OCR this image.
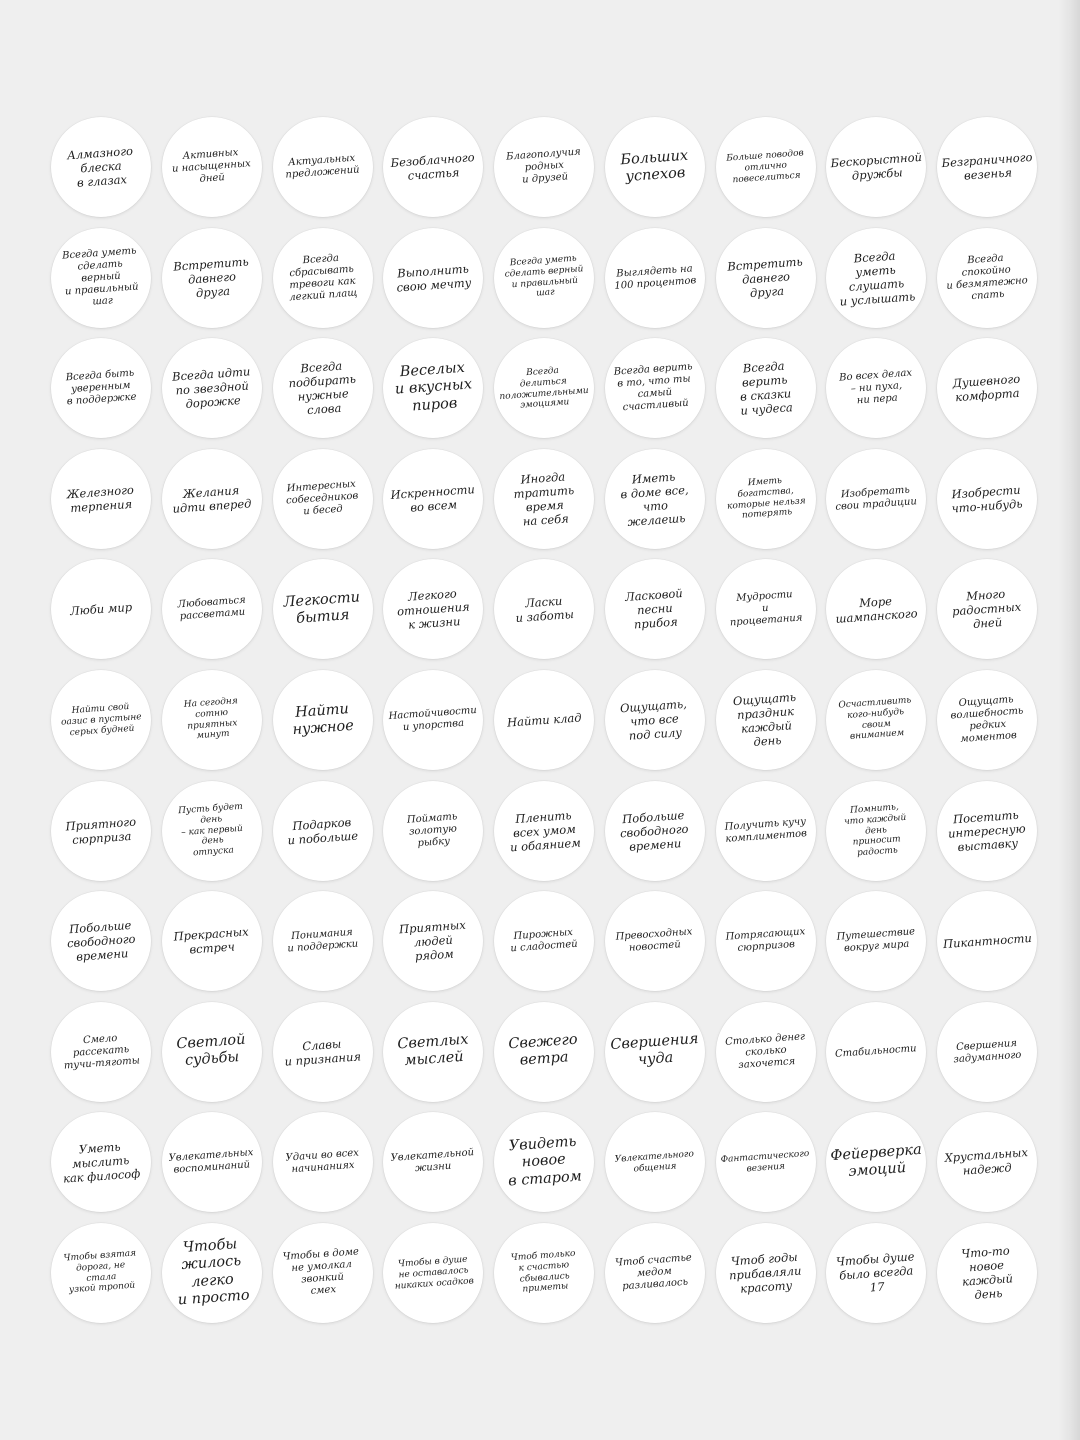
Алмазного
блеска
в глазах
Активных
и насыщенных
дней
Актуальных
предложений
Безоблачного
счастья
Благополучия
родных
и друзей
Больших
успехов
Больше поводов
отлично
повеселиться
Бескорыстной
дружбы
Безграничного
везенья
Всегда уметь
сделать верный
и правильный
шаг
Встретить
давнего друга
Всегда
сбрасывать
тревоги как
легкий плащ
Выполнить
свою мечту
Всегда уметь
сделать верный
и правильный
шаг
Выглядеть на
100 процентов
Встретить
давнего друга
Всегда уметь
слушать
и услышать
Всегда
спокойно
и безмятежно
спать
Всегда быть
уверенным
в поддержке
Всегда идти
по звездной
дорожке
Всегда
подбирать
нужные
слова
Веселых
и вкусных
пиров
Всегда
делиться
положительными
эмоциями
Всегда верить
в то, что ты
самый
счастливый
Всегда
верить
в сказки
и чудеса
Во всех делах
– ни пуха,
ни пера
Душевного
комфорта
Железного
терпения
Желания
идти вперед
Интересных
собеседников
и бесед
Искренности
во всем
Иногда
тратить
время
на себя
Иметь
в доме все,
что желаешь
Иметь богатства,
которые нельзя
потерять
Изобретать
свои традиции
Изобрести
что-нибудь
Люби мир	Любоваться
рассветами
Легкости
бытия
Легкого
отношения
к жизни
Ласки
и заботы
Ласковой
песни
прибоя
Мудрости
и
процветания
Море
шампанского
Много
радостных
дней
Найти свой
оазис в пустыне
серых будней
На сегодня
сотню приятных
минут
Найти
нужное
Настойчивости
и упорства	Найти клад
Ощущать,
что все
под силу
Ощущать
праздник
каждый день
Осчастливить
кого-нибудь своим
вниманием
Ощущать
волшебность
редких
моментов
Приятного
сюрприза
Пусть будет день
– как первый день
отпуска
Подарков
и побольше
Поймать
золотую рыбку
Пленить
всех умом
и обаянием
Побольше
свободного
времени
Получить кучу
комплиментов
Помнить,
что каждый день
приносит радость
Посетить
интересную
выставку
Побольше
свободного
времени
Прекрасных
встреч
Понимания
и поддержки
Приятных
людей
рядом
Пирожных
и сладостей
Превосходных
новостей
Потрясающих
сюрпризов
Путешествие
вокруг мира	Пикантности
Смело
рассекать
тучи-тяготы
Светлой
судьбы
Славы
и признания
Светлых
мыслей
Свежего
ветра
Свершения
чуда
Столько денег
сколько
захочется
Стабильности	Свершения
задуманного
Уметь
мыслить
как философ
Увлекательных
воспоминаний
Удачи во всех
начинаниях
Увлекательной
жизни
Увидеть
новое
в старом
Увлекательного
общения
Фантастического
везения
Фейерверка
эмоций
Хрустальных
надежд
Чтобы взятая
дорога, не стала
узкой тропой
Чтобы
жилось
легко
и просто
Чтобы в доме
не умолкал
звонкий
смех
Чтобы в душе
не оставалось
никаких осадков
Чтоб только
к счастью
сбывались
приметы
Чтоб счастье
медом
разливалось
Чтоб годы
прибавляли
красоту
Чтобы душе
было всегда
17
Что-то новое
каждый
день
